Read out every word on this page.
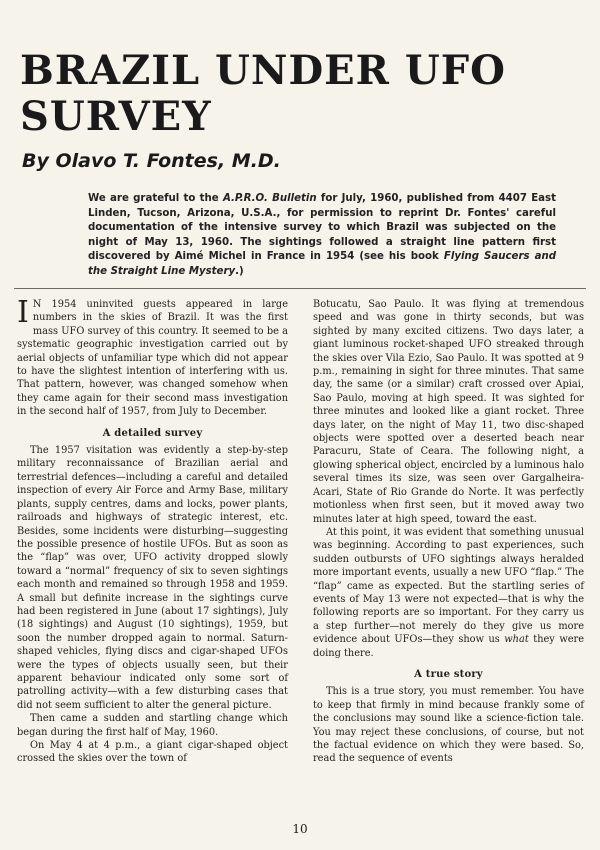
BRAZIL UNDER UFO SURVEY
By Olavo T. Fontes, M.D.

We are grateful to the A.P.R.O. Bulletin for July, 1960, published from 4407 East Linden, Tucson, Arizona, U.S.A., for permission to reprint Dr. Fontes' careful documentation of the intensive survey to which Brazil was subjected on the night of May 13, 1960. The sightings followed a straight line pattern first discovered by Aimé Michel in France in 1954 (see his book Flying Saucers and the Straight Line Mystery.)

I N 1954 uninvited guests appeared in large numbers in the skies of Brazil. It was the first mass UFO survey of this country. It seemed to be a systematic geographic investigation carried out by aerial objects of unfamiliar type which did not appear to have the slightest intention of interfering with us. That pattern, however, was changed somehow when they came again for their second mass investigation in the second half of 1957, from July to December.

A detailed survey

The 1957 visitation was evidently a step-by-step military reconnaissance of Brazilian aerial and terrestrial defences—including a careful and detailed inspection of every Air Force and Army Base, military plants, supply centres, dams and locks, power plants, railroads and highways of strategic interest, etc. Besides, some incidents were disturbing—suggesting the possible presence of hostile UFOs. But as soon as the “flap” was over, UFO activity dropped slowly toward a “normal” frequency of six to seven sightings each month and remained so through 1958 and 1959. A small but definite increase in the sightings curve had been registered in June (about 17 sightings), July (18 sightings) and August (10 sightings), 1959, but soon the number dropped again to normal. Saturn-shaped vehicles, flying discs and cigar-shaped UFOs were the types of objects usually seen, but their apparent behaviour indicated only some sort of patrolling activity—with a few disturbing cases that did not seem sufficient to alter the general picture.

Then came a sudden and startling change which began during the first half of May, 1960.

On May 4 at 4 p.m., a giant cigar-shaped object crossed the skies over the town of

Botucatu, Sao Paulo. It was flying at tremendous speed and was gone in thirty seconds, but was sighted by many excited citizens. Two days later, a giant luminous rocket-shaped UFO streaked through the skies over Vila Ezio, Sao Paulo. It was spotted at 9 p.m., remaining in sight for three minutes. That same day, the same (or a similar) craft crossed over Apiai, Sao Paulo, moving at high speed. It was sighted for three minutes and looked like a giant rocket. Three days later, on the night of May 11, two disc-shaped objects were spotted over a deserted beach near Paracuru, State of Ceara. The following night, a glowing spherical object, encircled by a luminous halo several times its size, was seen over Gargalheira-Acari, State of Rio Grande do Norte. It was perfectly motionless when first seen, but it moved away two minutes later at high speed, toward the east.

At this point, it was evident that something unusual was beginning. According to past experiences, such sudden outbursts of UFO sightings always heralded more important events, usually a new UFO “flap.” The “flap” came as expected. But the startling series of events of May 13 were not expected—that is why the following reports are so important. For they carry us a step further—not merely do they give us more evidence about UFOs—they show us what they were doing there.

A true story

This is a true story, you must remember. You have to keep that firmly in mind because frankly some of the conclusions may sound like a science-fiction tale. You may reject these conclusions, of course, but not the factual evidence on which they were based. So, read the sequence of events

10
